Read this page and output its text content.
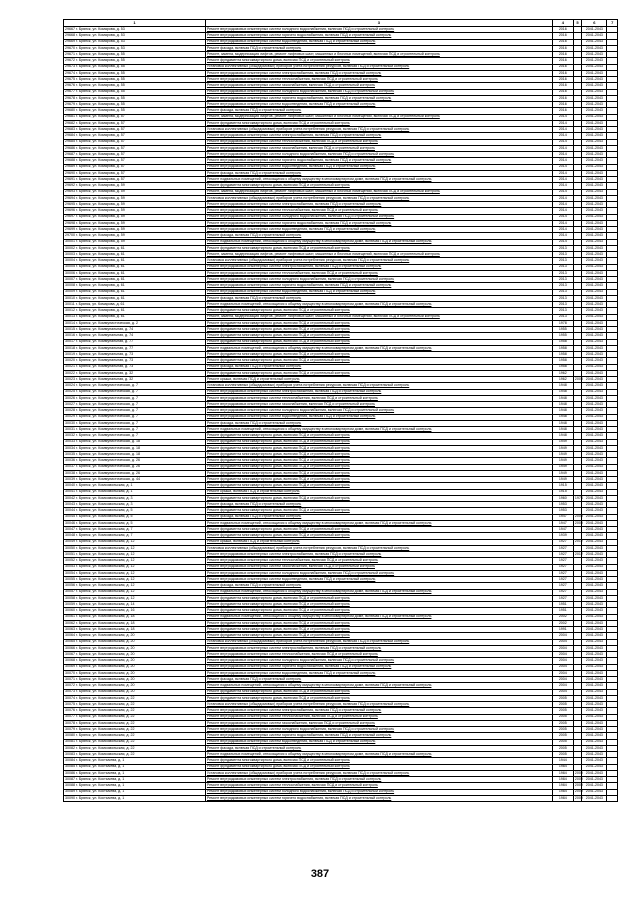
1	3	4	5	6	7
29667 г. Брянск, ул. Комарова, д. 53	Ремонт внутридомовых инженерных систем холодного водоснабжения, включая ПСД и строительный контроль	2016		2041-2043	
29668 г. Брянск, ул. Комарова, д. 53	Ремонт внутридомовых инженерных систем горячего водоснабжения, включая ПСД и строительный контроль	2016		2041-2043	
29669 г. Брянск, ул. Комарова, д. 53	Ремонт внутридомовых инженерных систем водоотведения, включая ПСД и строительный контроль	2016		2041-2043	
29670 г. Брянск, ул. Комарова, д. 53	Ремонт фасада, включая ПСД и строительный контроль	2016		2041-2043	
29671 г. Брянск, ул. Комарова, д. 55	Ремонт, замена, модернизация лифтов, ремонт лифтовых шахт, машинных и блочных помещений, включая ПСД и строительный контроль	2016		2041-2043	
29672 г. Брянск, ул. Комарова, д. 55	Ремонт фундамента многоквартирного дома, включая ПСД и строительный контроль	2016		2041-2043	
29673 г. Брянск, ул. Комарова, д. 55	Установка коллективных (общедомовых) приборов учета потребления ресурсов, включая ПСД и строительный контроль	2016		2041-2043	
29674 г. Брянск, ул. Комарова, д. 55	Ремонт внутридомовых инженерных систем электроснабжения, включая ПСД и строительный контроль	2016		2041-2043	
29675 г. Брянск, ул. Комарова, д. 55	Ремонт внутридомовых инженерных систем теплоснабжения, включая ПСД и строительный контроль	2016		2041-2043	
29676 г. Брянск, ул. Комарова, д. 55	Ремонт внутридомовых инженерных систем газоснабжения, включая ПСД и строительный контроль	2016		2041-2043	
29677 г. Брянск, ул. Комарова, д. 55	Ремонт внутридомовых инженерных систем холодного водоснабжения, включая ПСД и строительный контроль	2016		2041-2043	
29678 г. Брянск, ул. Комарова, д. 55	Ремонт внутридомовых инженерных систем горячего водоснабжения, включая ПСД и строительный контроль	2016		2041-2043	
29679 г. Брянск, ул. Комарова, д. 55	Ремонт внутридомовых инженерных систем водоотведения, включая ПСД и строительный контроль	2016		2041-2043	
29680 г. Брянск, ул. Комарова, д. 55	Ремонт фасада, включая ПСД и строительный контроль	2016		2041-2043	
29681 г. Брянск, ул. Комарова, д. 57	Ремонт, замена, модернизация лифтов, ремонт лифтовых шахт, машинных и блочных помещений, включая ПСД и строительный контроль	2014		2041-2043	
29682 г. Брянск, ул. Комарова, д. 57	Ремонт фундамента многоквартирного дома, включая ПСД и строительный контроль	2014		2041-2043	
29683 г. Брянск, ул. Комарова, д. 57	Установка коллективных (общедомовых) приборов учета потребления ресурсов, включая ПСД и строительный контроль	2014		2041-2043	
29684 г. Брянск, ул. Комарова, д. 57	Ремонт внутридомовых инженерных систем электроснабжения, включая ПСД и строительный контроль	2014		2041-2043	
29685 г. Брянск, ул. Комарова, д. 57	Ремонт внутридомовых инженерных систем теплоснабжения, включая ПСД и строительный контроль	2014		2041-2043	
29686 г. Брянск, ул. Комарова, д. 57	Ремонт внутридомовых инженерных систем газоснабжения, включая ПСД и строительный контроль	2014		2041-2043	
29687 г. Брянск, ул. Комарова, д. 57	Ремонт внутридомовых инженерных систем холодного водоснабжения, включая ПСД и строительный контроль	2014		2041-2043	
29688 г. Брянск, ул. Комарова, д. 57	Ремонт внутридомовых инженерных систем горячего водоснабжения, включая ПСД и строительный контроль	2014		2041-2043	
29689 г. Брянск, ул. Комарова, д. 57	Ремонт внутридомовых инженерных систем водоотведения, включая ПСД и строительный контроль	2014		2041-2043	
29690 г. Брянск, ул. Комарова, д. 57	Ремонт фасада, включая ПСД и строительный контроль	2014		2041-2043	
29691 г. Брянск, ул. Комарова, д. 57	Ремонт подвальных помещений, относящихся к общему имуществу в многоквартирном доме, включая ПСД и строительный контроль	2014		2041-2043	
29692 г. Брянск, ул. Комарова, д. 59	Ремонт фундамента многоквартирного дома, включая ПСД и строительный контроль	2014		2041-2043	
29693 г. Брянск, ул. Комарова, д. 59	Ремонт, замена, модернизация лифтов, ремонт лифтовых шахт, машинных и блочных помещений, включая ПСД и строительный контроль	2014		2041-2043	
29694 г. Брянск, ул. Комарова, д. 59	Установка коллективных (общедомовых) приборов учета потребления ресурсов, включая ПСД и строительный контроль	2014		2041-2043	
29695 г. Брянск, ул. Комарова, д. 59	Ремонт внутридомовых инженерных систем электроснабжения, включая ПСД и строительный контроль	2014		2041-2043	
29696 г. Брянск, ул. Комарова, д. 59	Ремонт внутридомовых инженерных систем теплоснабжения, включая ПСД и строительный контроль	2014		2041-2043	
29697 г. Брянск, ул. Комарова, д. 59	Ремонт внутридомовых инженерных систем холодного водоснабжения, включая ПСД и строительный контроль	2014		2041-2043	
29698 г. Брянск, ул. Комарова, д. 59	Ремонт внутридомовых инженерных систем горячего водоснабжения, включая ПСД и строительный контроль	2014		2041-2043	
29699 г. Брянск, ул. Комарова, д. 59	Ремонт внутридомовых инженерных систем водоотведения, включая ПСД и строительный контроль	2014		2041-2043	
29700 г. Брянск, ул. Комарова, д. 59	Ремонт фасада, включая ПСД и строительный контроль	2014		2041-2043	
30001 г. Брянск, ул. Комарова, д. 59	Ремонт подвальных помещений, относящихся к общему имуществу в многоквартирном доме, включая ПСД и строительный контроль	2014		2041-2043	
30002 г. Брянск, ул. Комарова, д. 61	Ремонт фундамента многоквартирного дома, включая ПСД и строительный контроль	2013		2041-2043	
30003 г. Брянск, ул. Комарова, д. 61	Ремонт, замена, модернизация лифтов, ремонт лифтовых шахт, машинных и блочных помещений, включая ПСД и строительный контроль	2013		2041-2043	
30004 г. Брянск, ул. Комарова, д. 61	Установка коллективных (общедомовых) приборов учета потребления ресурсов, включая ПСД и строительный контроль	2013		2041-2043	
30005 г. Брянск, ул. Комарова, д. 61	Ремонт внутридомовых инженерных систем электроснабжения, включая ПСД и строительный контроль	2013		2041-2043	
30006 г. Брянск, ул. Комарова, д. 61	Ремонт внутридомовых инженерных систем теплоснабжения, включая ПСД и строительный контроль	2013		2041-2043	
30007 г. Брянск, ул. Комарова, д. 61	Ремонт внутридомовых инженерных систем холодного водоснабжения, включая ПСД и строительный контроль	2013		2041-2043	
30008 г. Брянск, ул. Комарова, д. 61	Ремонт внутридомовых инженерных систем горячего водоснабжения, включая ПСД и строительный контроль	2013		2041-2043	
30009 г. Брянск, ул. Комарова, д. 61	Ремонт внутридомовых инженерных систем водоотведения, включая ПСД и строительный контроль	2013		2041-2043	
30010 г. Брянск, ул. Комарова, д. 61	Ремонт фасада, включая ПСД и строительный контроль	2013		2041-2043	
30011 г. Брянск, ул. Комарова, д. 61	Ремонт подвальных помещений, относящихся к общему имуществу в многоквартирном доме, включая ПСД и строительный контроль	2013		2041-2043	
30012 г. Брянск, ул. Комарова, д. 61	Ремонт фундамента многоквартирного дома, включая ПСД и строительный контроль	2013		2041-2043	
30013 г. Брянск, ул. Комарова, д. 61	Ремонт, замена, модернизация лифтов, ремонт лифтовых шахт, машинных и блочных помещений, включая ПСД и строительный контроль	2013		2041-2043	
30014 г. Брянск, ул. Коммунистическая, д. 2	Ремонт фундамента многоквартирного дома, включая ПСД и строительный контроль	1978		2041-2043	
30015 г. Брянск, ул. Коммунальная, д. 74	Ремонт фундамента многоквартирного дома, включая ПСД и строительный контроль	1955		2041-2043	
30016 г. Брянск, ул. Коммунальная, д. 74	Ремонт фундамента многоквартирного дома, включая ПСД и строительный контроль	1955		2041-2043	
30017 г. Брянск, ул. Коммунальная, д. 77	Ремонт фундамента многоквартирного дома, включая ПСД и строительный контроль	1958		2041-2043	
30018 г. Брянск, ул. Коммунальная, д. 77	Ремонт подвальных помещений, относящихся к общему имуществу в многоквартирном доме, включая ПСД и строительный контроль	1958		2041-2043	
30019 г. Брянск, ул. Коммунальная, д. 73	Ремонт фундамента многоквартирного дома, включая ПСД и строительный контроль	1958		2041-2043	
30020 г. Брянск, ул. Коммунальная, д. 73	Ремонт фундамента многоквартирного дома, включая ПСД и строительный контроль	1958		2041-2043	
30021 г. Брянск, ул. Коммунальная, д. 73	Ремонт фасада, включая ПСД и строительный контроль	1958		2041-2043	
30022 г. Брянск, ул. Коммунальная, д. 32	Ремонт фундамента многоквартирного дома, включая ПСД и строительный контроль	1962		2041-2043	
30023 г. Брянск, ул. Коммунальная, д. 32	Ремонт крыши, включая ПСД и строительный контроль	1962	2008	2041-2043	
30024 г. Брянск, ул. Коммунистическая, д. 7	Установка коллективных (общедомовых) приборов учета потребления ресурсов, включая ПСД и строительный контроль	1948		2041-2043	
30025 г. Брянск, ул. Коммунистическая, д. 7	Ремонт внутридомовых инженерных систем электроснабжения, включая ПСД и строительный контроль	1948		2041-2043	
30026 г. Брянск, ул. Коммунистическая, д. 7	Ремонт внутридомовых инженерных систем теплоснабжения, включая ПСД и строительный контроль	1948		2041-2043	
30027 г. Брянск, ул. Коммунистическая, д. 7	Ремонт внутридомовых инженерных систем газоснабжения, включая ПСД и строительный контроль	1948		2041-2043	
30028 г. Брянск, ул. Коммунистическая, д. 7	Ремонт внутридомовых инженерных систем холодного водоснабжения, включая ПСД и строительный контроль	1948		2041-2043	
30029 г. Брянск, ул. Коммунистическая, д. 7	Ремонт внутридомовых инженерных систем водоотведения, включая ПСД и строительный контроль	1948		2041-2043	
30030 г. Брянск, ул. Коммунистическая, д. 7	Ремонт фасада, включая ПСД и строительный контроль	1948		2041-2043	
30031 г. Брянск, ул. Коммунистическая, д. 7	Ремонт подвальных помещений, относящихся к общему имуществу в многоквартирном доме, включая ПСД и строительный контроль	1948		2041-2043	
30032 г. Брянск, ул. Коммунистическая, д. 7	Ремонт фундамента многоквартирного дома, включая ПСД и строительный контроль	1948		2041-2043	
30033 г. Брянск, ул. Коммунистическая, д. 18	Ремонт фундамента многоквартирного дома, включая ПСД и строительный контроль	1949		2041-2043	
30034 г. Брянск, ул. Коммунистическая, д. 18	Ремонт фундамента многоквартирного дома, включая ПСД и строительный контроль	1949		2041-2043	
30035 г. Брянск, ул. Коммунистическая, д. 18	Ремонт фундамента многоквартирного дома, включая ПСД и строительный контроль	1949		2041-2043	
30036 г. Брянск, ул. Коммунистическая, д. 26	Ремонт фундамента многоквартирного дома, включая ПСД и строительный контроль	1949		2041-2043	
30037 г. Брянск, ул. Коммунистическая, д. 26	Ремонт фундамента многоквартирного дома, включая ПСД и строительный контроль	1949		2041-2043	
30038 г. Брянск, ул. Коммунистическая, д. 26	Ремонт фундамента многоквартирного дома, включая ПСД и строительный контроль	1949		2041-2043	
30039 г. Брянск, ул. Коммунистическая, д. 44	Ремонт фундамента многоквартирного дома, включая ПСД и строительный контроль	1949		2041-2043	
30040 г. Брянск, ул. Комсомольская, д. 1	Ремонт фундамента многоквартирного дома, включая ПСД и строительный контроль	1915		2041-2043	
30041 г. Брянск, ул. Комсомольская, д. 1	Ремонт крыши, включая ПСД и строительный контроль	1915		2041-2043	
30042 г. Брянск, ул. Комсомольская, д. 3	Ремонт фундамента многоквартирного дома, включая ПСД и строительный контроль	1960	1974	2041-2043	
30043 г. Брянск, ул. Комсомольская, д. 3	Ремонт фасада, включая ПСД и строительный контроль	1953		2041-2043	
30044 г. Брянск, ул. Комсомольская, д. 5	Ремонт фундамента многоквартирного дома, включая ПСД и строительный контроль	1953		2041-2043	
30045 г. Брянск, ул. Комсомольская, д. 5	Ремонт фасада, включая ПСД и строительный контроль	1947	2009	2041-2043	
30046 г. Брянск, ул. Комсомольская, д. 5	Ремонт подвальных помещений, относящихся к общему имуществу в многоквартирном доме, включая ПСД и строительный контроль	1947	2009	2041-2043	
30047 г. Брянск, ул. Комсомольская, д. 7	Ремонт фундамента многоквартирного дома, включая ПСД и строительный контроль	1947		2041-2043	
30048 г. Брянск, ул. Комсомольская, д. 7	Ремонт фундамента многоквартирного дома, включая ПСД и строительный контроль	1939		2041-2043	
30049 г. Брянск, ул. Комсомольская, д. 12	Ремонт крыши, включая ПСД и строительный контроль	1927	2012	2041-2043	
30050 г. Брянск, ул. Комсомольская, д. 12	Установка коллективных (общедомовых) приборов учета потребления ресурсов, включая ПСД и строительный контроль	1927		2041-2043	
30051 г. Брянск, ул. Комсомольская, д. 12	Ремонт внутридомовых инженерных систем электроснабжения, включая ПСД и строительный контроль	1927	2012	2041-2043	
30052 г. Брянск, ул. Комсомольская, д. 12	Ремонт внутридомовых инженерных систем теплоснабжения, включая ПСД и строительный контроль	1927		2041-2043	
30053 г. Брянск, ул. Комсомольская, д. 12	Ремонт внутридомовых инженерных систем газоснабжения, включая ПСД и строительный контроль	1927		2041-2043	
30054 г. Брянск, ул. Комсомольская, д. 12	Ремонт внутридомовых инженерных систем холодного водоснабжения, включая ПСД и строительный контроль	1927		2041-2043	
30055 г. Брянск, ул. Комсомольская, д. 12	Ремонт внутридомовых инженерных систем водоотведения, включая ПСД и строительный контроль	1927		2041-2043	
30056 г. Брянск, ул. Комсомольская, д. 12	Ремонт фасада, включая ПСД и строительный контроль	1927		2041-2043	
30057 г. Брянск, ул. Комсомольская, д. 12	Ремонт подвальных помещений, относящихся к общему имуществу в многоквартирном доме, включая ПСД и строительный контроль	1927		2041-2043	
30058 г. Брянск, ул. Комсомольская, д. 12	Ремонт фундамента многоквартирного дома, включая ПСД и строительный контроль	1927		2041-2043	
30059 г. Брянск, ул. Комсомольская, д. 14	Ремонт фундамента многоквартирного дома, включая ПСД и строительный контроль	1951		2041-2043	
30060 г. Брянск, ул. Комсомольская, д. 16	Ремонт фундамента многоквартирного дома, включая ПСД и строительный контроль	1951		2041-2043	
30061 г. Брянск, ул. Комсомольская, д. 18	Ремонт подвальных помещений, относящихся к общему имуществу в многоквартирном доме, включая ПСД и строительный контроль	2002		2041-2043	
30062 г. Брянск, ул. Комсомольская, д. 18	Ремонт фундамента многоквартирного дома, включая ПСД и строительный контроль	2002		2041-2043	
30063 г. Брянск, ул. Комсомольская, д. 18	Ремонт фундамента многоквартирного дома, включая ПСД и строительный контроль	1991		2041-2043	
30064 г. Брянск, ул. Комсомольская, д. 20	Ремонт фундамента многоквартирного дома, включая ПСД и строительный контроль	2004		2041-2043	
30065 г. Брянск, ул. Комсомольская, д. 20	Установка коллективных (общедомовых) приборов учета потребления ресурсов, включая ПСД и строительный контроль	2004		2041-2043	
30066 г. Брянск, ул. Комсомольская, д. 20	Ремонт внутридомовых инженерных систем электроснабжения, включая ПСД и строительный контроль	2004		2041-2043	
30067 г. Брянск, ул. Комсомольская, д. 20	Ремонт внутридомовых инженерных систем теплоснабжения, включая ПСД и строительный контроль	2004		2041-2043	
30068 г. Брянск, ул. Комсомольская, д. 20	Ремонт внутридомовых инженерных систем холодного водоснабжения, включая ПСД и строительный контроль	2004		2041-2043	
30069 г. Брянск, ул. Комсомольская, д. 20	Ремонт внутридомовых инженерных систем горячего водоснабжения, включая ПСД и строительный контроль	2004		2041-2043	
30070 г. Брянск, ул. Комсомольская, д. 20	Ремонт внутридомовых инженерных систем водоотведения, включая ПСД и строительный контроль	2004		2041-2043	
30071 г. Брянск, ул. Комсомольская, д. 20	Ремонт фасада, включая ПСД и строительный контроль	2004		2041-2043	
30072 г. Брянск, ул. Комсомольская, д. 20	Ремонт подвальных помещений, относящихся к общему имуществу в многоквартирном доме, включая ПСД и строительный контроль	2004		2041-2043	
30073 г. Брянск, ул. Комсомольская, д. 20	Ремонт фундамента многоквартирного дома, включая ПСД и строительный контроль	2004		2041-2043	
30074 г. Брянск, ул. Комсомольская, д. 22	Ремонт фундамента многоквартирного дома, включая ПСД и строительный контроль	2005		2041-2043	
30075 г. Брянск, ул. Комсомольская, д. 22	Установка коллективных (общедомовых) приборов учета потребления ресурсов, включая ПСД и строительный контроль	2005		2041-2043	
30076 г. Брянск, ул. Комсомольская, д. 22	Ремонт внутридомовых инженерных систем электроснабжения, включая ПСД и строительный контроль	2005		2041-2043	
30077 г. Брянск, ул. Комсомольская, д. 22	Ремонт внутридомовых инженерных систем теплоснабжения, включая ПСД и строительный контроль	2005		2041-2043	
30078 г. Брянск, ул. Комсомольская, д. 22	Ремонт внутридомовых инженерных систем газоснабжения, включая ПСД и строительный контроль	2005		2041-2043	
30079 г. Брянск, ул. Комсомольская, д. 22	Ремонт внутридомовых инженерных систем холодного водоснабжения, включая ПСД и строительный контроль	2005		2041-2043	
30080 г. Брянск, ул. Комсомольская, д. 22	Ремонт внутридомовых инженерных систем горячего водоснабжения, включая ПСД и строительный контроль	2005		2041-2043	
30081 г. Брянск, ул. Комсомольская, д. 22	Ремонт внутридомовых инженерных систем водоотведения, включая ПСД и строительный контроль	2005		2041-2043	
30082 г. Брянск, ул. Комсомольская, д. 22	Ремонт фасада, включая ПСД и строительный контроль	2005		2041-2043	
30083 г. Брянск, ул. Комсомольская, д. 22	Ремонт подвальных помещений, относящихся к общему имуществу в многоквартирном доме, включая ПСД и строительный контроль	2005		2041-2043	
30084 г. Брянск, ул. Костычева, д. 1	Ремонт фундамента многоквартирного дома, включая ПСД и строительный контроль	1944		2041-2043	
30085 г. Брянск, ул. Костычева, д. 1	Ремонт фундамента многоквартирного дома, включая ПСД и строительный контроль	1984		2041-2043	
30086 г. Брянск, ул. Костычева, д. 1	Установка коллективных (общедомовых) приборов учета потребления ресурсов, включая ПСД и строительный контроль	1984	2009	2041-2043	
30087 г. Брянск, ул. Костычева, д. 1	Ремонт внутридомовых инженерных систем электроснабжения, включая ПСД и строительный контроль	1984	2009	2041-2043	
30088 г. Брянск, ул. Костычева, д. 1	Ремонт внутридомовых инженерных систем теплоснабжения, включая ПСД и строительный контроль	1984	2009	2041-2043	
30089 г. Брянск, ул. Костычева, д. 1	Ремонт внутридомовых инженерных систем холодного водоснабжения, включая ПСД и строительный контроль	1984	2009	2041-2043	
30090 г. Брянск, ул. Костычева, д. 1	Ремонт внутридомовых инженерных систем горячего водоснабжения, включая ПСД и строительный контроль	1984	2009	2041-2043	
387
